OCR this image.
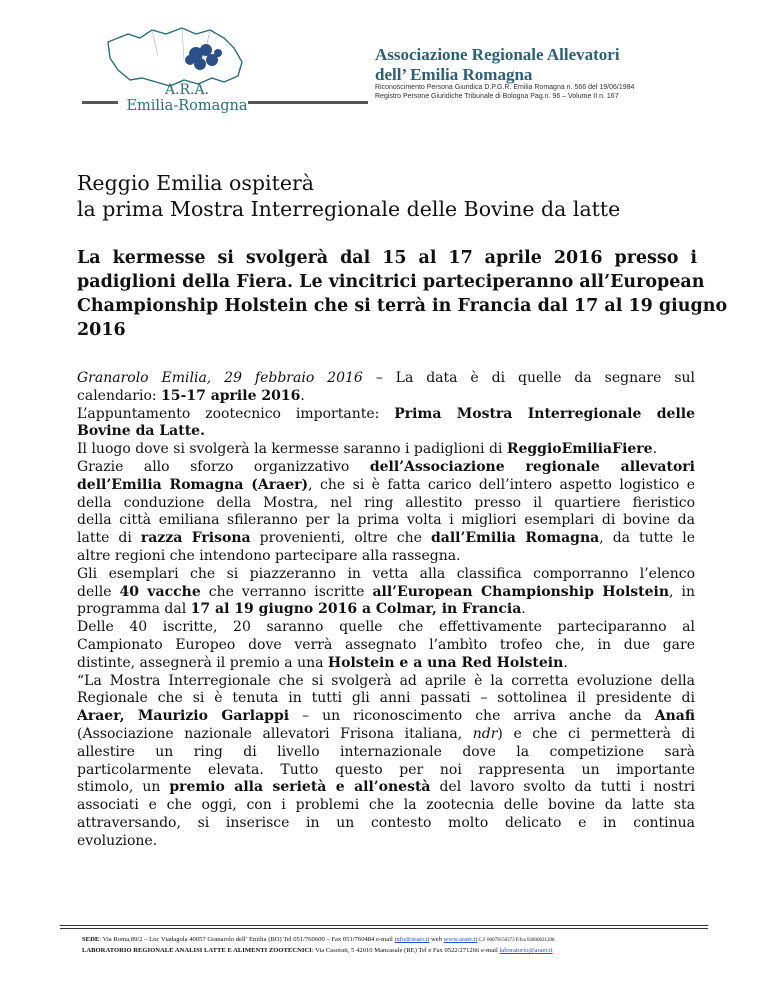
A.R.A.
Emilia-Romagna
Associazione Regionale Allevatori
dell’ Emilia Romagna
Riconoscimento Persona Giuridica D.P.G.R. Emilia Romagna n. 566 del 19/06/1984
Registro Persone Giuridiche Tribunale di Bologna Pag.n. 96 – Volume II n. 167
Reggio Emilia ospiterà
la prima Mostra Interregionale delle Bovine da latte
La kermesse si svolgerà dal 15 al 17 aprile 2016 presso i
padiglioni della Fiera. Le vincitrici parteciperanno all’European
Championship Holstein che si terrà in Francia dal 17 al 19 giugno
2016
Granarolo Emilia, 29 febbraio 2016 – La data è di quelle da segnare sul
calendario: 15-17 aprile 2016.
L’appuntamento zootecnico importante: Prima Mostra Interregionale delle
Bovine da Latte.
Il luogo dove si svolgerà la kermesse saranno i padiglioni di ReggioEmiliaFiere.
Grazie allo sforzo organizzativo dell’Associazione regionale allevatori
dell’Emilia Romagna (Araer), che si è fatta carico dell’intero aspetto logistico e
della conduzione della Mostra, nel ring allestito presso il quartiere fieristico
della città emiliana sfileranno per la prima volta i migliori esemplari di bovine da
latte di razza Frisona provenienti, oltre che dall’Emilia Romagna, da tutte le
altre regioni che intendono partecipare alla rassegna.
Gli esemplari che si piazzeranno in vetta alla classifica comporranno l’elenco
delle 40 vacche che verranno iscritte all’European Championship Holstein, in
programma dal 17 al 19 giugno 2016 a Colmar, in Francia.
Delle 40 iscritte, 20 saranno quelle che effettivamente parteciparanno al
Campionato Europeo dove verrà assegnato l’ambìto trofeo che, in due gare
distinte, assegnerà il premio a una Holstein e a una Red Holstein.
“La Mostra Interregionale che si svolgerà ad aprile è la corretta evoluzione della
Regionale che si è tenuta in tutti gli anni passati – sottolinea il presidente di
Araer, Maurizio Garlappi – un riconoscimento che arriva anche da Anafi
(Associazione nazionale allevatori Frisona italiana, ndr) e che ci permetterà di
allestire un ring di livello internazionale dove la competizione sarà
particolarmente elevata. Tutto questo per noi rappresenta un importante
stimolo, un premio alla serietà e all’onestà del lavoro svolto da tutti i nostri
associati e che oggi, con i problemi che la zootecnia delle bovine da latte sta
attraversando, si inserisce in un contesto molto delicato e in continua
evoluzione.
SEDE: Via Roma,89/2 – Loc Viadagola 40057 Granarolo dell’ Emilia (BO) Tel 051/760600 – Fax 051/760484 e-mail info@araer.it web www.araer.it C.F 80079150373 P.Iva 02800631208
LABORATORIO REGIONALE ANALISI LATTE E ALIMENTI ZOOTECNICI: Via Casorati, 5 42010 Mancasale (RE) Tel e Fax 0522/271266 e-mail laboratorio@araer.it
